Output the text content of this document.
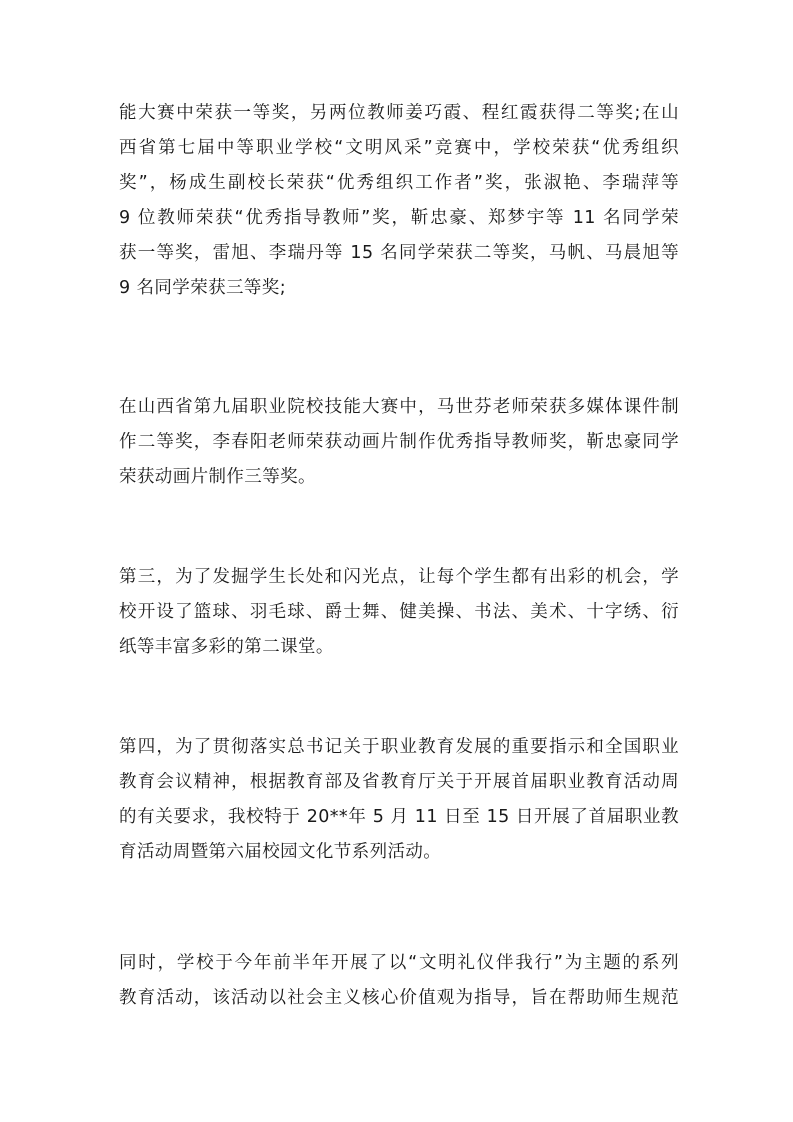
能大赛中荣获一等奖，另两位教师姜巧霞、程红霞获得二等奖;在山
西省第七届中等职业学校“文明风采”竞赛中，学校荣获“优秀组织
奖”，杨成生副校长荣获“优秀组织工作者”奖，张淑艳、李瑞萍等
9 位教师荣获“优秀指导教师”奖，靳忠豪、郑梦宇等 11 名同学荣
获一等奖，雷旭、李瑞丹等 15 名同学荣获二等奖，马帆、马晨旭等
9 名同学荣获三等奖;
在山西省第九届职业院校技能大赛中，马世芬老师荣获多媒体课件制
作二等奖，李春阳老师荣获动画片制作优秀指导教师奖，靳忠豪同学
荣获动画片制作三等奖。
第三，为了发掘学生长处和闪光点，让每个学生都有出彩的机会，学
校开设了篮球、羽毛球、爵士舞、健美操、书法、美术、十字绣、衍
纸等丰富多彩的第二课堂。
第四，为了贯彻落实总书记关于职业教育发展的重要指示和全国职业
教育会议精神，根据教育部及省教育厅关于开展首届职业教育活动周
的有关要求，我校特于 20**年 5 月 11 日至 15 日开展了首届职业教
育活动周暨第六届校园文化节系列活动。
同时，学校于今年前半年开展了以“文明礼仪伴我行”为主题的系列
教育活动，该活动以社会主义核心价值观为指导，旨在帮助师生规范
